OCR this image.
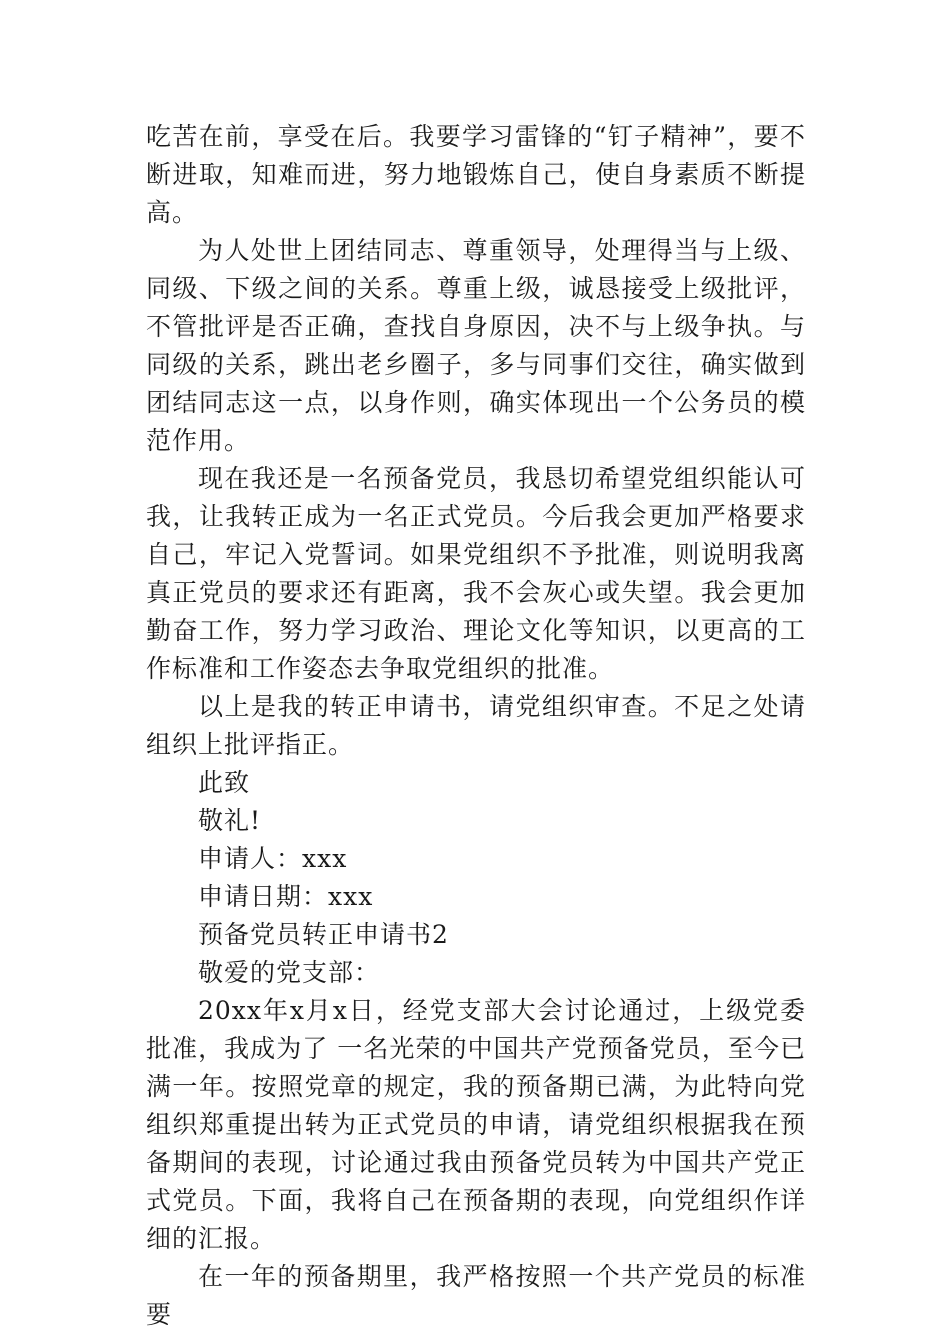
吃苦在前，享受在后。我要学习雷锋的“钉子精神”，要不断进取，知难而进，努力地锻炼自己，使自身素质不断提高。

为人处世上团结同志、尊重领导，处理得当与上级、同级、下级之间的关系。尊重上级，诚恳接受上级批评，不管批评是否正确，查找自身原因，决不与上级争执。与同级的关系，跳出老乡圈子，多与同事们交往，确实做到团结同志这一点，以身作则，确实体现出一个公务员的模范作用。

现在我还是一名预备党员，我恳切希望党组织能认可我，让我转正成为一名正式党员。今后我会更加严格要求自己，牢记入党誓词。如果党组织不予批准，则说明我离真正党员的要求还有距离，我不会灰心或失望。我会更加勤奋工作，努力学习政治、理论文化等知识，以更高的工作标准和工作姿态去争取党组织的批准。

以上是我的转正申请书，请党组织审查。不足之处请组织上批评指正。

此致

敬礼!

申请人：xxx

申请日期：xxx

预备党员转正申请书2

敬爱的党支部：

20xx年x月x日，经党支部大会讨论通过，上级党委批准，我成为了 一名光荣的中国共产党预备党员，至今已满一年。按照党章的规定，我的预备期已满，为此特向党组织郑重提出转为正式党员的申请，请党组织根据我在预备期间的表现，讨论通过我由预备党员转为中国共产党正式党员。下面，我将自己在预备期的表现，向党组织作详细的汇报。

在一年的预备期里，我严格按照一个共产党员的标准要
